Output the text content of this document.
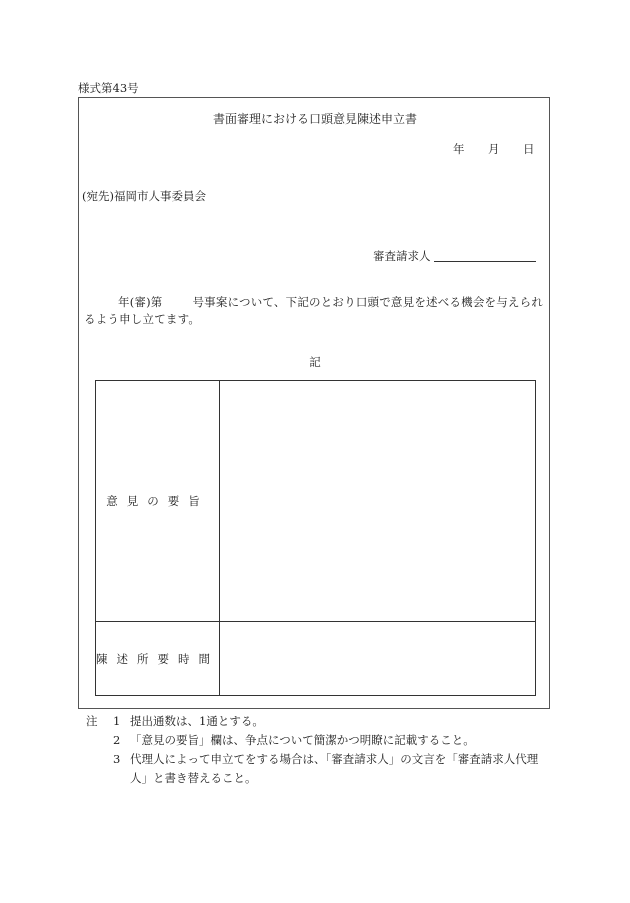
様式第43号
書面審理における口頭意見陳述申立書
年 月 日
(宛先)福岡市人事委員会
審査請求人
年(審)第	号事案について、下記のとおり口頭で意見を述べる機会を与えられるよう申し立てます。
記
意見の要旨	
陳述所要時間	
注 1 提出通数は、1通とする。
2 「意見の要旨」欄は、争点について簡潔かつ明瞭に記載すること。
3 代理人によって申立てをする場合は、「審査請求人」の文言を「審査請求人代理人」と書き替えること。
